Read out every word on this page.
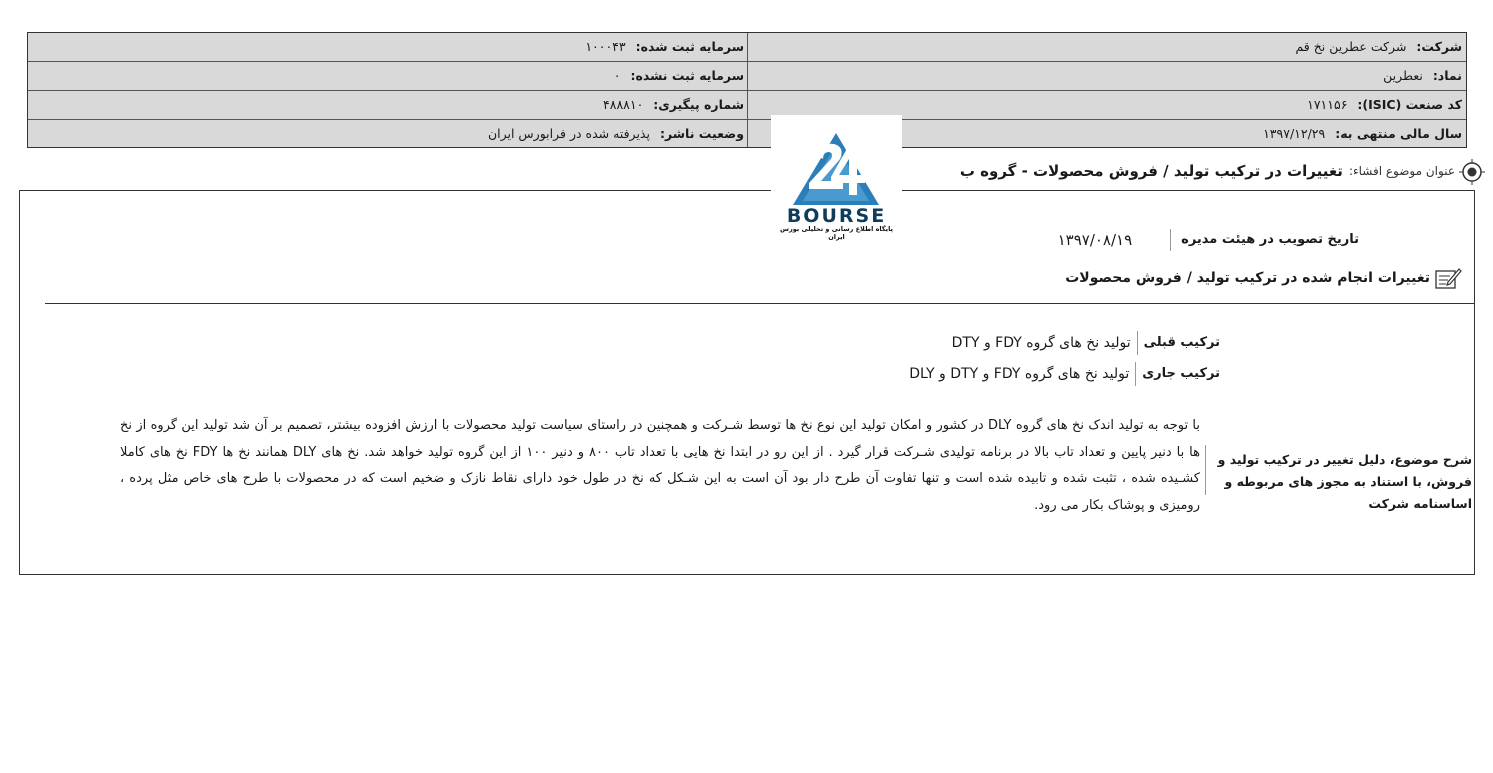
شرکت: شرکت عطرین نخ قم
سرمایه ثبت شده: ۱۰۰۰۴۳
نماد: نعطرین
سرمایه ثبت نشده: ۰
کد صنعت (ISIC): ۱۷۱۱۵۶
شماره پیگیری: ۴۸۸۸۱۰
سال مالی منتهی به: ۱۳۹۷/۱۲/۲۹
وضعیت ناشر: پذیرفته شده در فرابورس ایران
عنوان موضوع افشاء:
تغییرات در ترکیب تولید / فروش محصولات - گروه ب
تاریخ تصویب در هیئت مدیره
۱۳۹۷/۰۸/۱۹
تغییرات انجام شده در ترکیب تولید / فروش محصولات
ترکیب قبلی
تولید نخ های گروه FDY و DTY
ترکیب جاری
تولید نخ های گروه FDY و DTY و DLY
شرح موضوع، دلیل تغییر در ترکیب تولید و فروش، با استناد به مجوز های مربوطه و اساسنامه شرکت
با توجه به تولید اندک نخ های گروه DLY در کشور و امکان تولید این نوع نخ ها توسط شـرکت و همچنین در راستای سیاست تولید محصولات با ارزش افزوده بیشتر، تصمیم بر آن شد تولید این گروه از نخ ها با دنیر پایین و تعداد تاب بالا در برنامه تولیدی شـرکت قرار گیرد . از این رو در ابتدا نخ هایی با تعداد تاب ۸۰۰ و دنیر ۱۰۰ از این گروه تولید خواهد شد. نخ های DLY همانند نخ ها FDY نخ های کاملا کشـیده شده ، تثبت شده و تابیده شده است و تنها تفاوت آن طرح دار بود آن است به این شـکل که نخ در طول خود دارای نقاط نازک و ضخیم است که در محصولات با طرح های خاص مثل پرده ، رومیزی و پوشاک بکار می رود.
BOURSE
پایگاه اطلاع رسانی و تحلیلی بورس ایران
